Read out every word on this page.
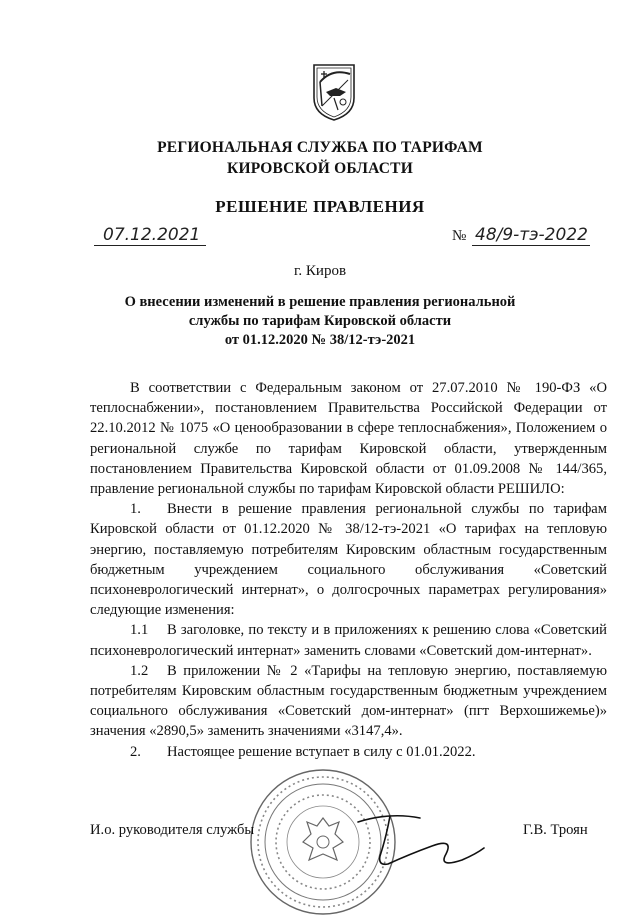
РЕГИОНАЛЬНАЯ СЛУЖБА ПО ТАРИФАМ
КИРОВСКОЙ ОБЛАСТИ
РЕШЕНИЕ ПРАВЛЕНИЯ
07.12.2021	№ 48/9-тэ-2022
г. Киров
О внесении изменений в решение правления региональной
службы по тарифам Кировской области
от 01.12.2020 № 38/12-тэ-2021

В соответствии с Федеральным законом от 27.07.2010 № 190-ФЗ «О теплоснабжении», постановлением Правительства Российской Федерации от 22.10.2012 № 1075 «О ценообразовании в сфере теплоснабжения», Положением о региональной службе по тарифам Кировской области, утвержденным постановлением Правительства Кировской области от 01.09.2008 № 144/365, правление региональной службы по тарифам Кировской области РЕШИЛО:

1. Внести в решение правления региональной службы по тарифам Кировской области от 01.12.2020 № 38/12-тэ-2021 «О тарифах на тепловую энергию, поставляемую потребителям Кировским областным государственным бюджетным учреждением социального обслуживания «Советский психоневрологический интернат», о долгосрочных параметрах регулирования» следующие изменения:

1.1 В заголовке, по тексту и в приложениях к решению слова «Советский психоневрологический интернат» заменить словами «Советский дом-интернат».

1.2 В приложении № 2 «Тарифы на тепловую энергию, поставляемую потребителям Кировским областным государственным бюджетным учреждением социального обслуживания «Советский дом-интернат» (пгт Верхошижемье)» значения «2890,5» заменить значениями «3147,4».

2. Настоящее решение вступает в силу с 01.01.2022.

И.о. руководителя службы	Г.В. Троян
